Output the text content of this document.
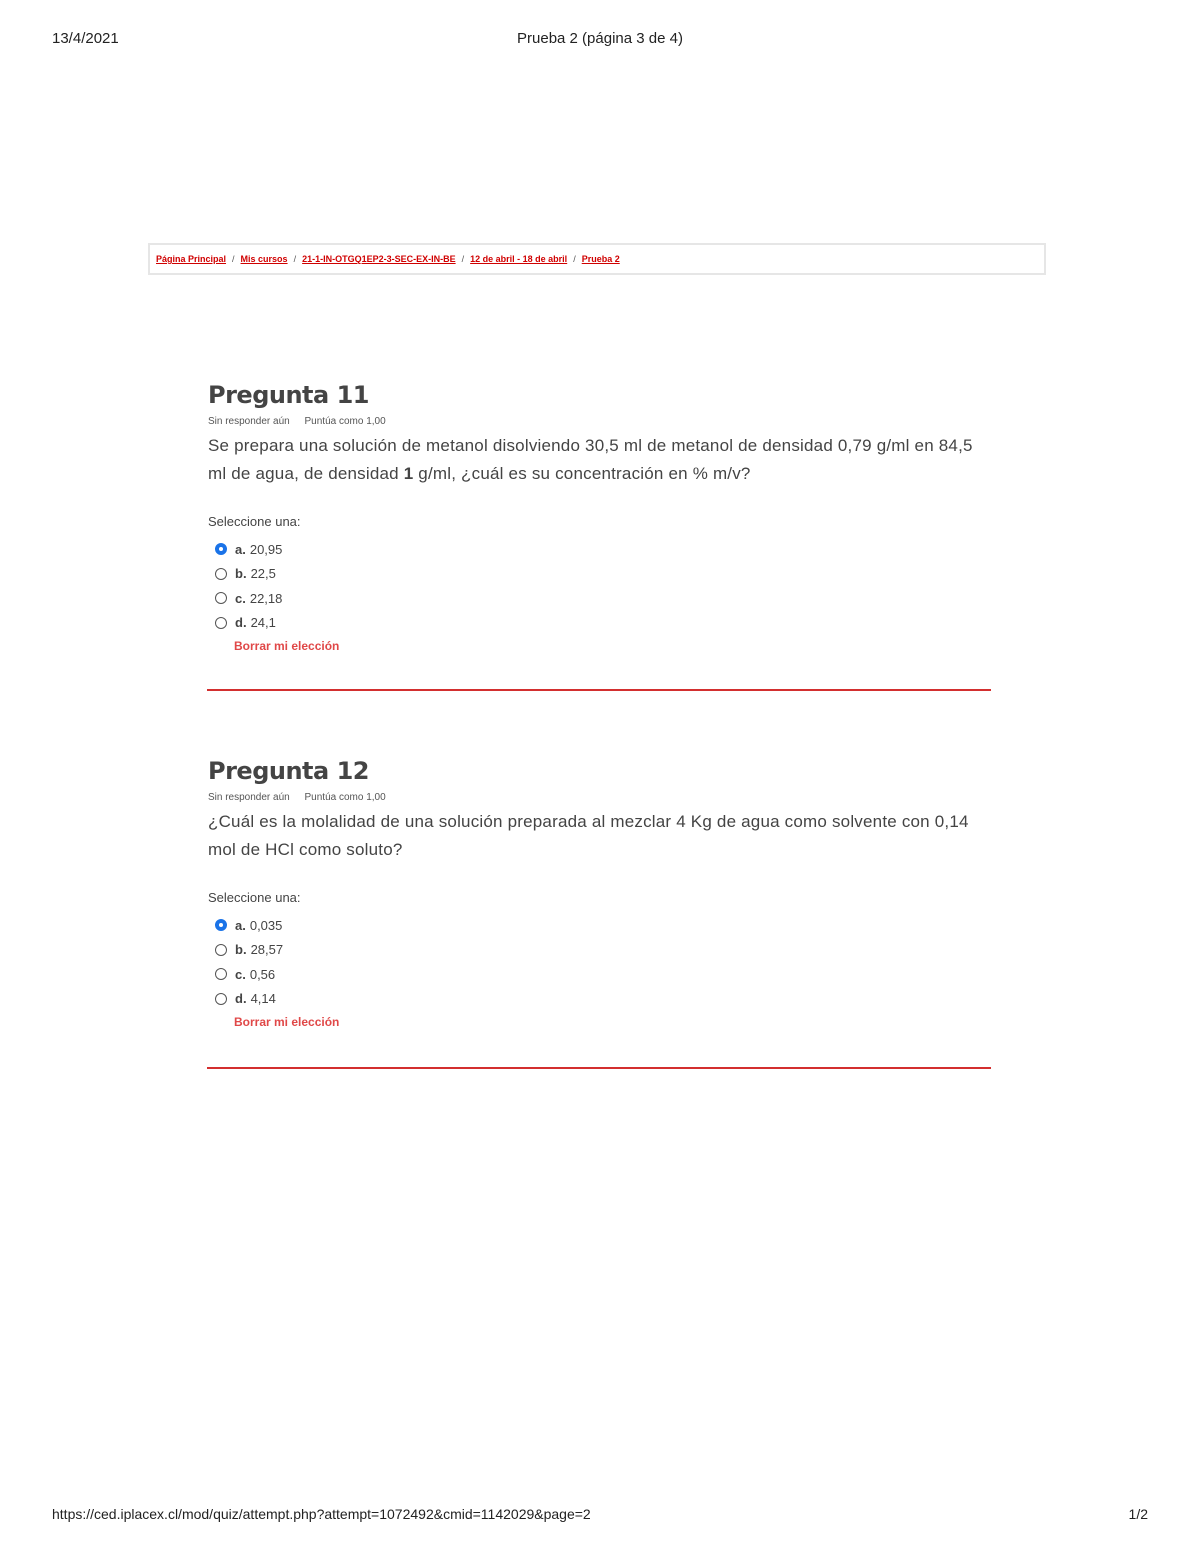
13/4/2021	Prueba 2 (página 3 de 4)
Página Principal / Mis cursos / 21-1-IN-OTGQ1EP2-3-SEC-EX-IN-BE / 12 de abril - 18 de abril / Prueba 2
Pregunta 11
Sin responder aún Puntúa como 1,00
Se prepara una solución de metanol disolviendo 30,5 ml de metanol de densidad 0,79 g/ml en 84,5 ml de agua, de densidad 1 g/ml, ¿cuál es su concentración en % m/v?
Seleccione una:
a. 20,95
b. 22,5
c. 22,18
d. 24,1
Borrar mi elección
Pregunta 12
Sin responder aún Puntúa como 1,00
¿Cuál es la molalidad de una solución preparada al mezclar 4 Kg de agua como solvente con 0,14 mol de HCl como soluto?
Seleccione una:
a. 0,035
b. 28,57
c. 0,56
d. 4,14
Borrar mi elección
https://ced.iplacex.cl/mod/quiz/attempt.php?attempt=1072492&cmid=1142029&page=2	1/2
